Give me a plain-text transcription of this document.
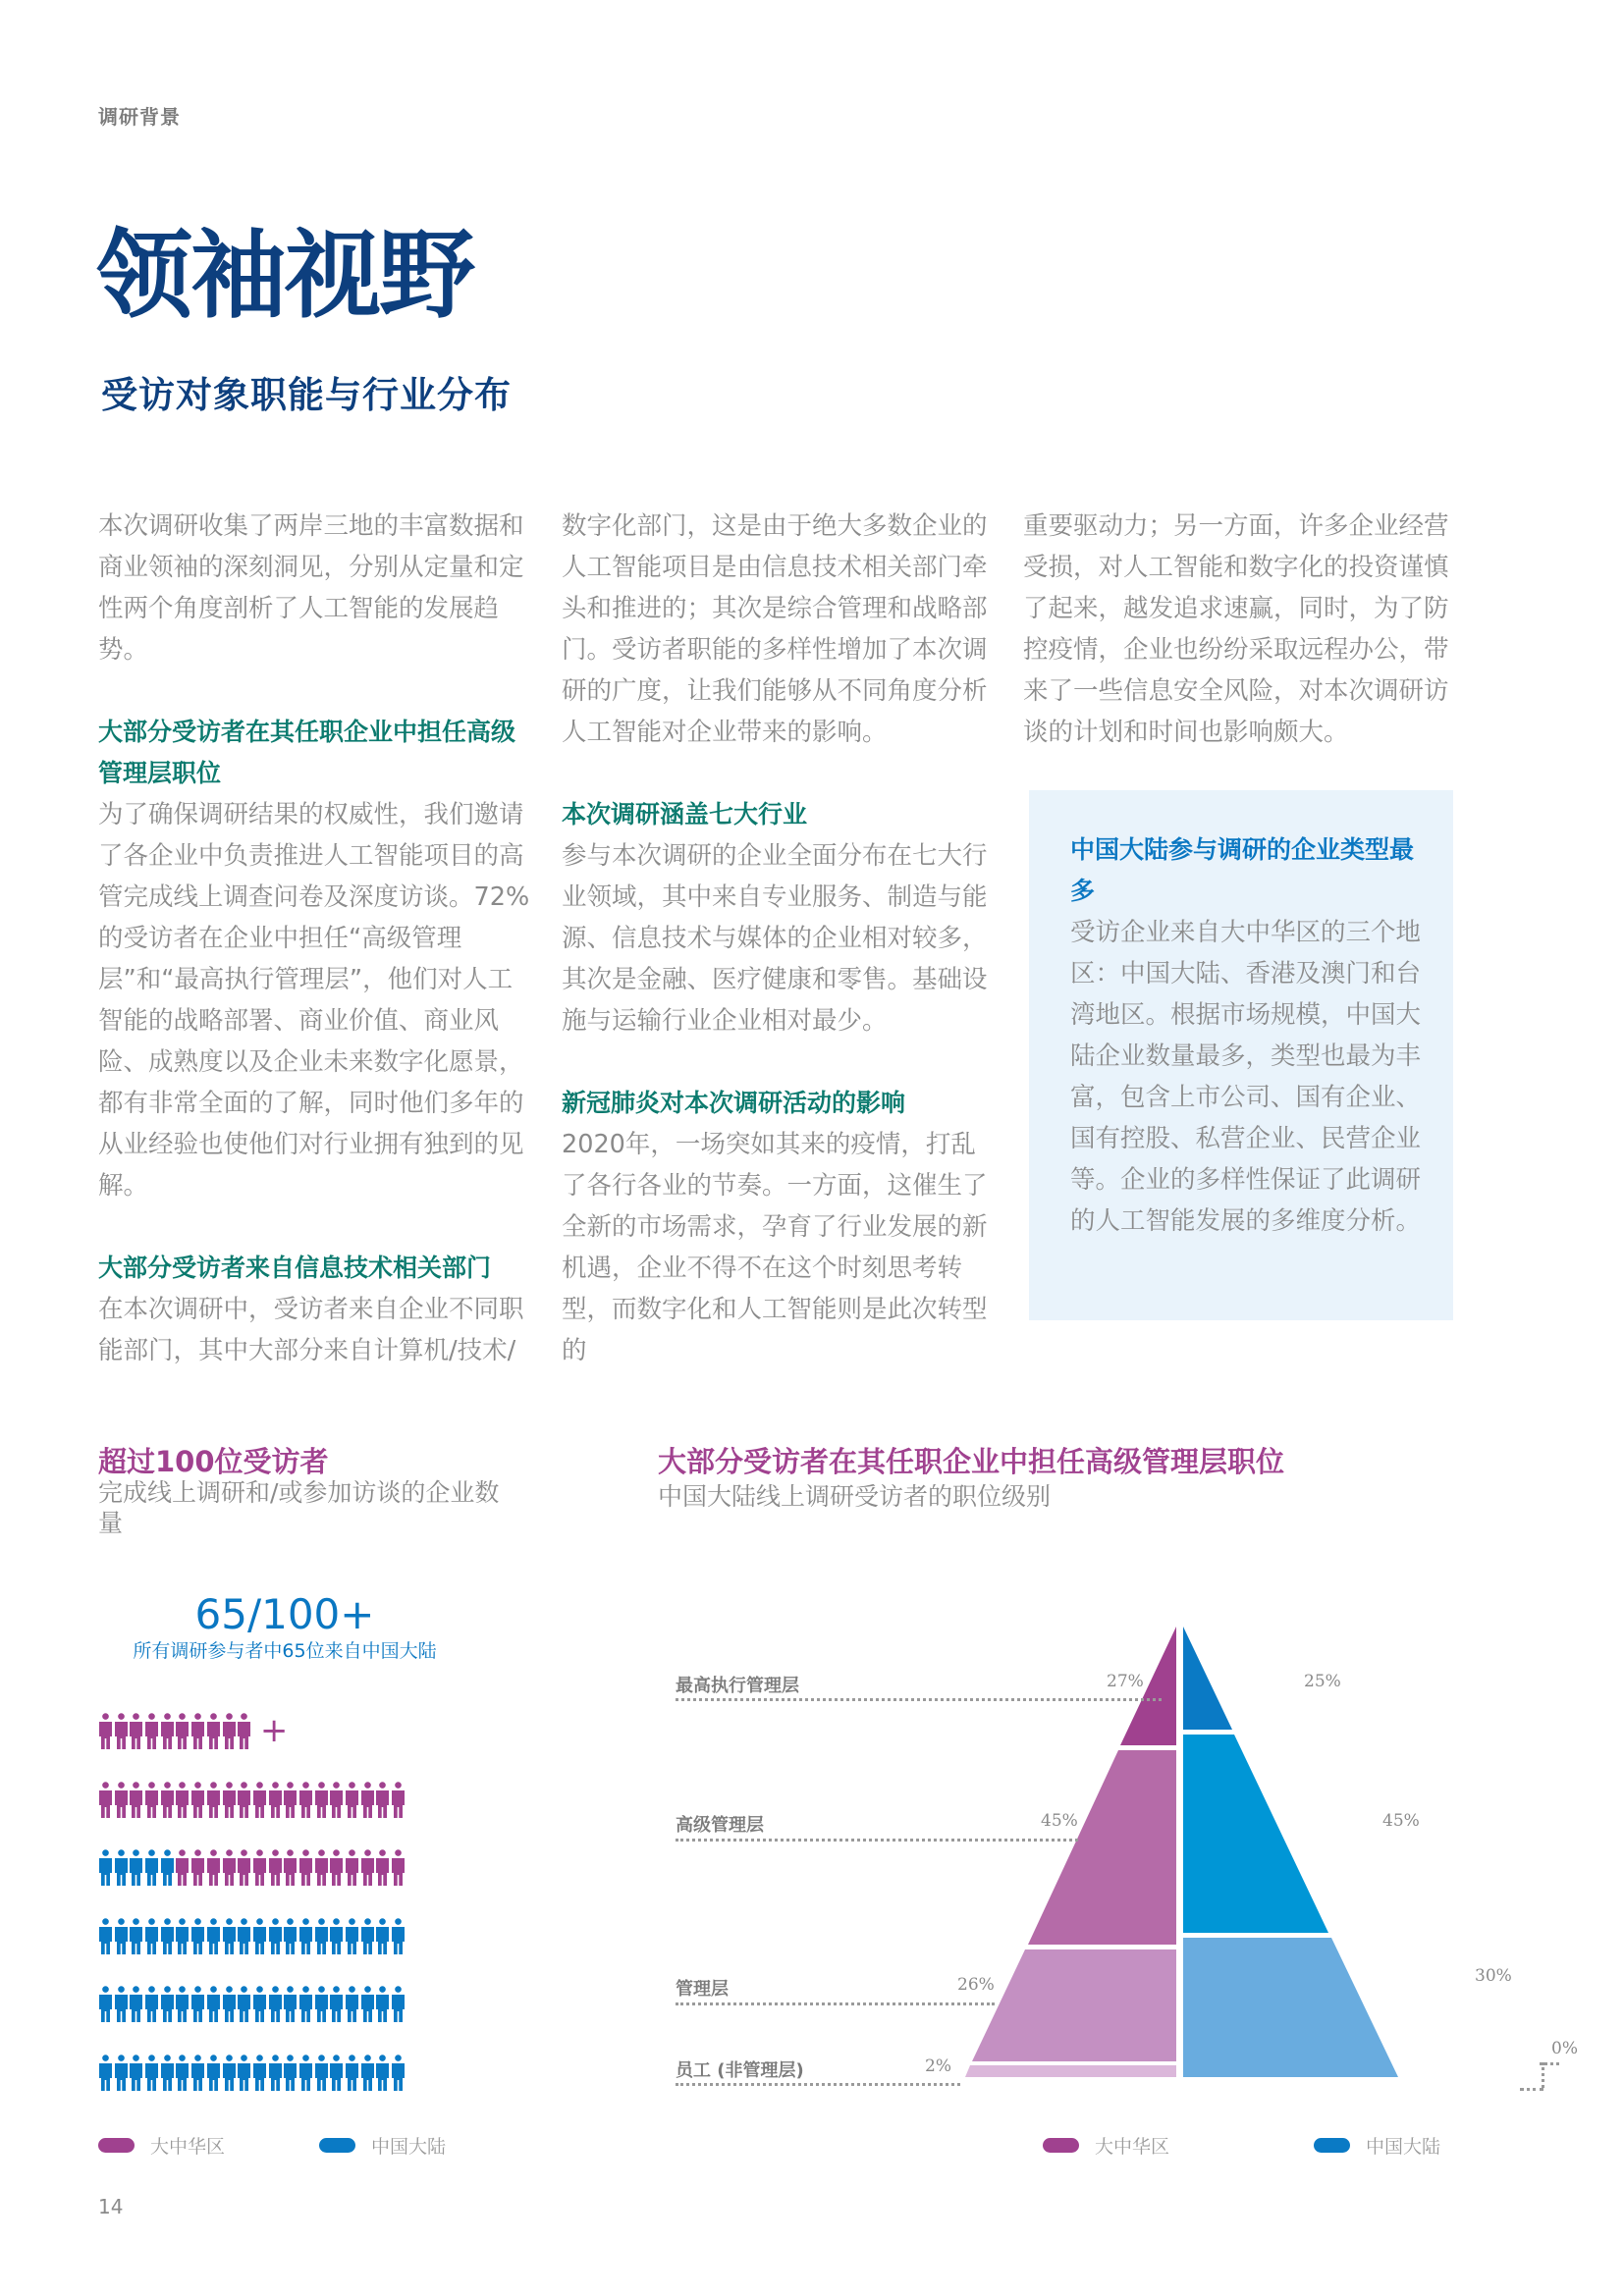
调研背景
领袖视野
受访对象职能与行业分布

本次调研收集了两岸三地的丰富数据和商业领袖的深刻洞见，分别从定量和定性两个角度剖析了人工智能的发展趋势。

大部分受访者在其任职企业中担任高级管理层职位

为了确保调研结果的权威性，我们邀请了各企业中负责推进人工智能项目的高管完成线上调查问卷及深度访谈。72%的受访者在企业中担任“高级管理层”和“最高执行管理层”，他们对人工智能的战略部署、商业价值、商业风险、成熟度以及企业未来数字化愿景，都有非常全面的了解，同时他们多年的从业经验也使他们对行业拥有独到的见解。

大部分受访者来自信息技术相关部门

在本次调研中，受访者来自企业不同职能部门，其中大部分来自计算机/技术/

数字化部门，这是由于绝大多数企业的人工智能项目是由信息技术相关部门牵头和推进的；其次是综合管理和战略部门。受访者职能的多样性增加了本次调研的广度，让我们能够从不同角度分析人工智能对企业带来的影响。

本次调研涵盖七大行业

参与本次调研的企业全面分布在七大行业领域，其中来自专业服务、制造与能源、信息技术与媒体的企业相对较多，其次是金融、医疗健康和零售。基础设施与运输行业企业相对最少。

新冠肺炎对本次调研活动的影响

2020年，一场突如其来的疫情，打乱了各行各业的节奏。一方面，这催生了全新的市场需求，孕育了行业发展的新机遇，企业不得不在这个时刻思考转型，而数字化和人工智能则是此次转型的

重要驱动力；另一方面，许多企业经营受损，对人工智能和数字化的投资谨慎了起来，越发追求速赢，同时，为了防控疫情，企业也纷纷采取远程办公，带来了一些信息安全风险，对本次调研访谈的计划和时间也影响颇大。

中国大陆参与调研的企业类型最多

受访企业来自大中华区的三个地区：中国大陆、香港及澳门和台湾地区。根据市场规模，中国大陆企业数量最多，类型也最为丰富，包含上市公司、国有企业、国有控股、私营企业、民营企业等。企业的多样性保证了此调研的人工智能发展的多维度分析。

超过100位受访者
完成线上调研和/或参加访谈的企业数量
65/100+
所有调研参与者中65位来自中国大陆
+
大中华区	中国大陆
大部分受访者在其任职企业中担任高级管理层职位
中国大陆线上调研受访者的职位级别
最高执行管理层	27%	25%
高级管理层	45%	45%
管理层	26%	30%
员工 (非管理层)	2%
0%
大中华区	中国大陆
14
